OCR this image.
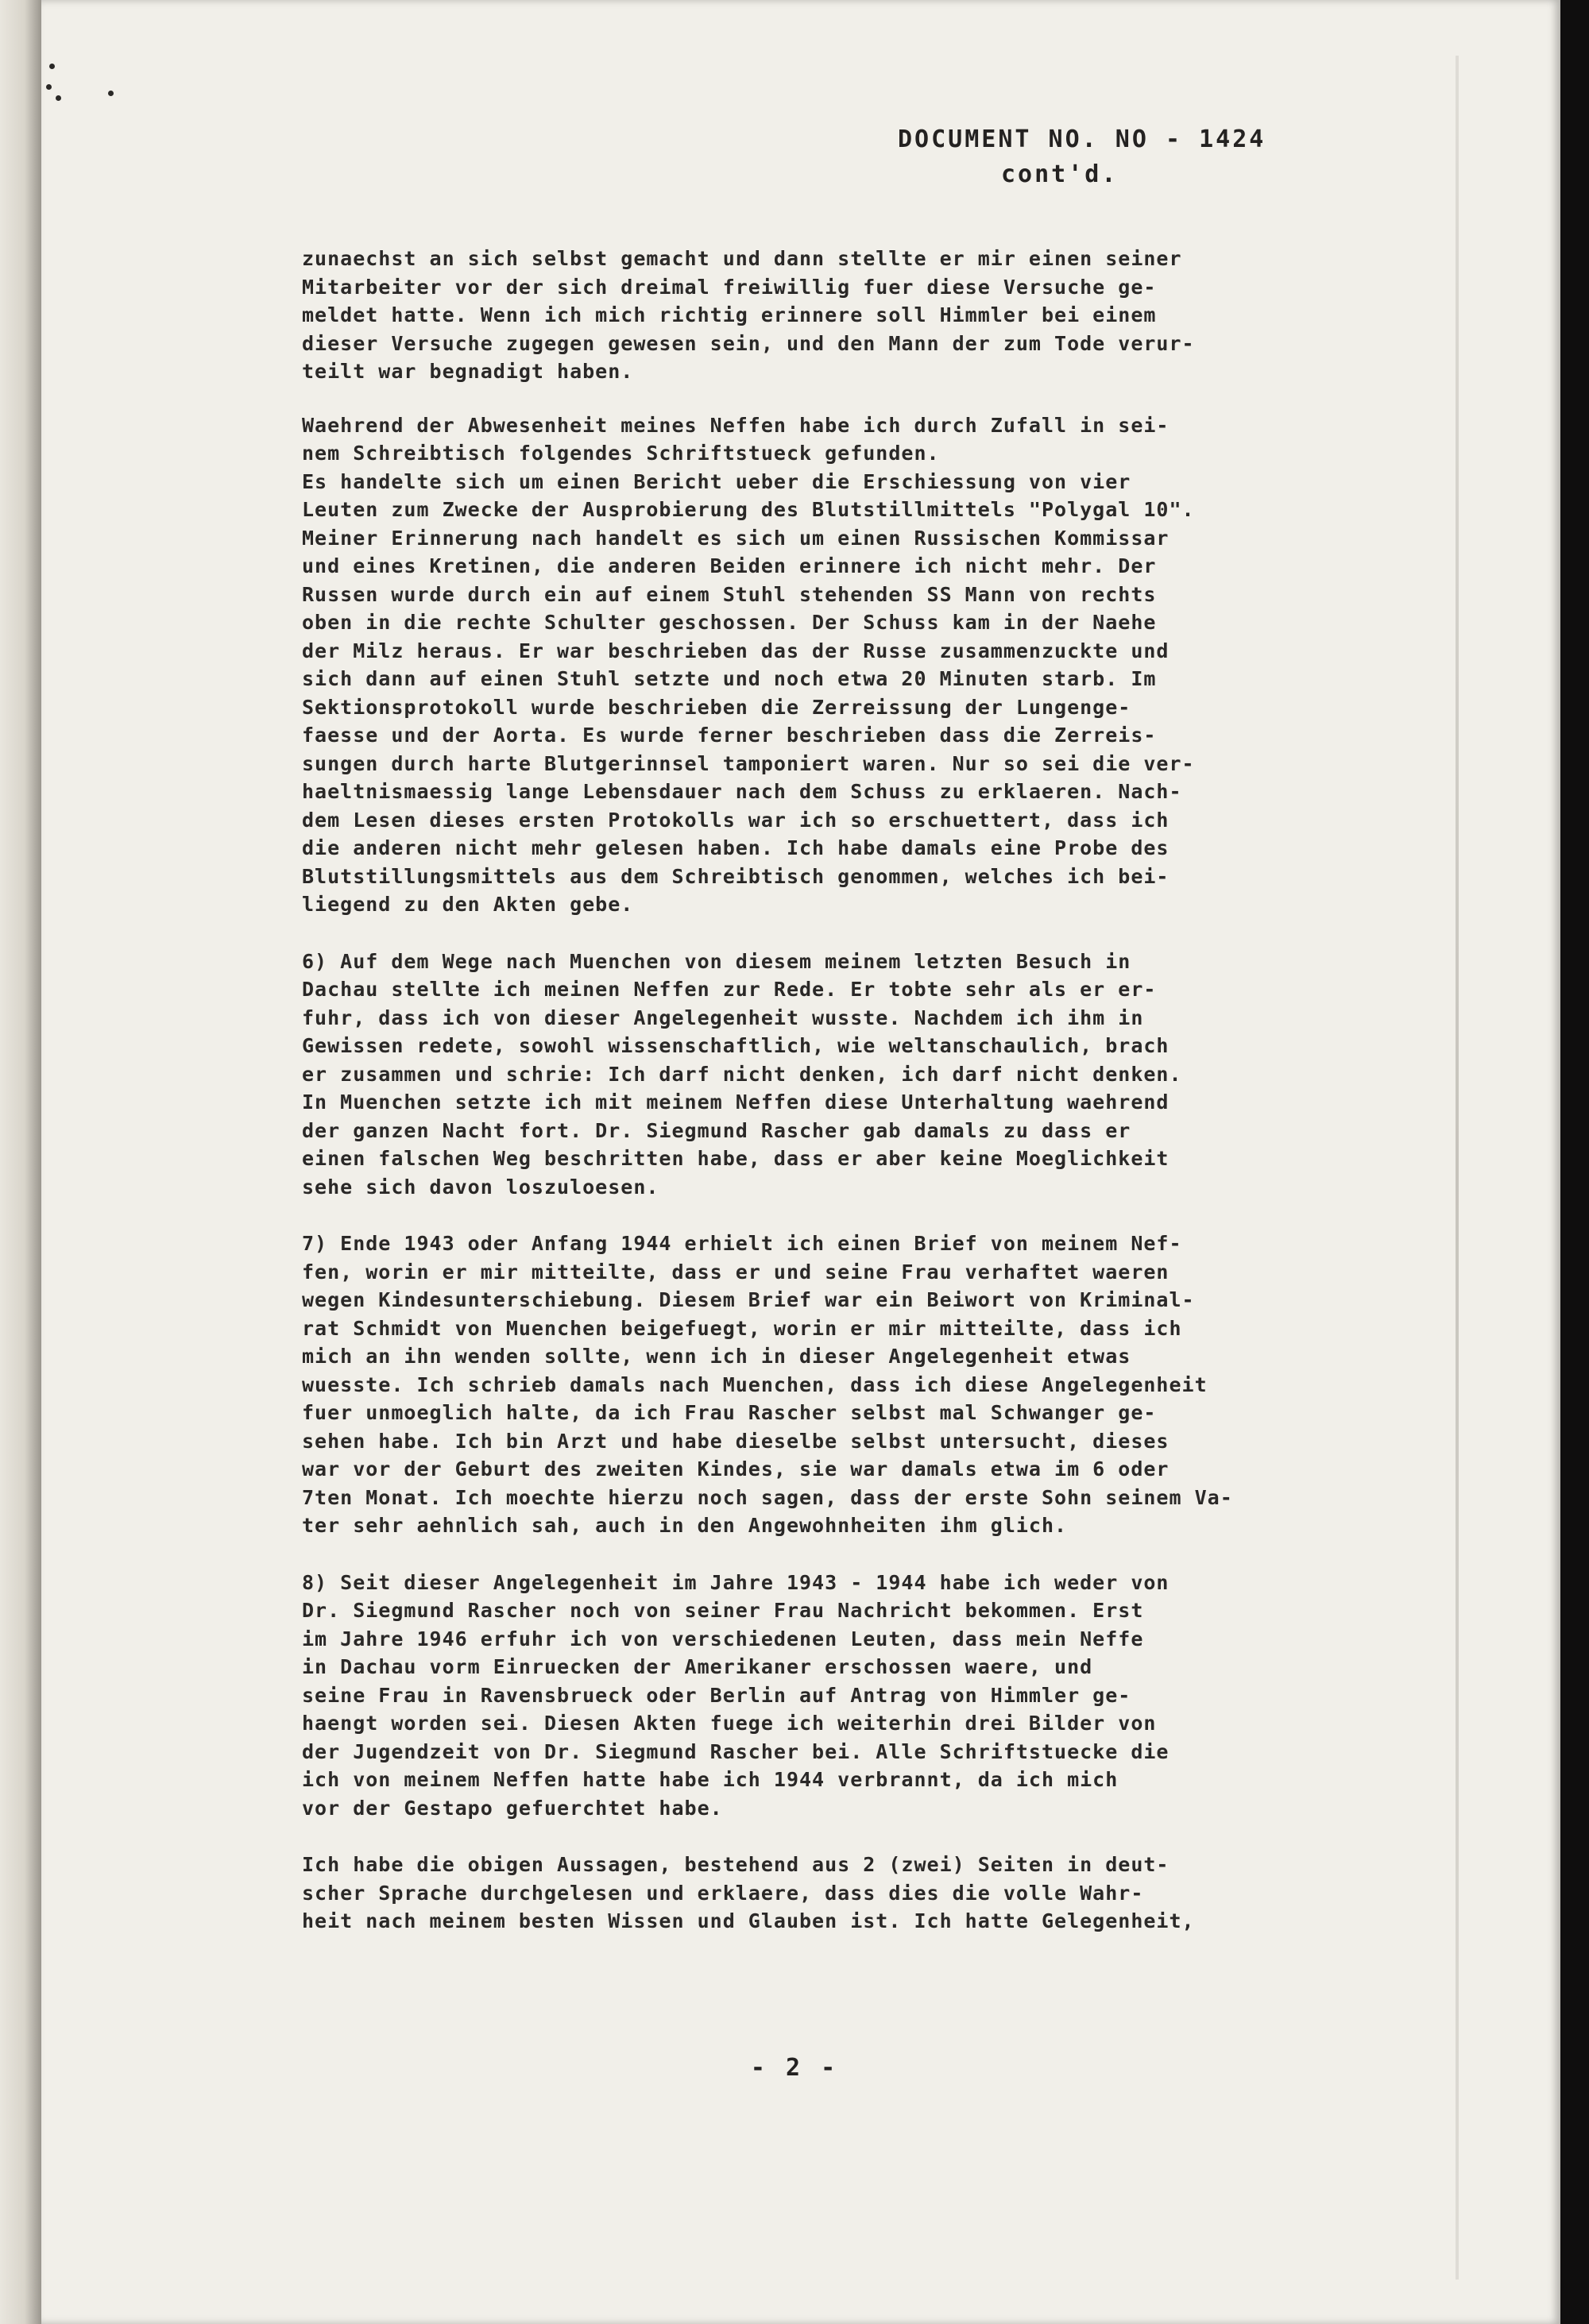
DOCUMENT NO. NO - 1424
cont'd.

zunaechst an sich selbst gemacht und dann stellte er mir einen seiner
Mitarbeiter vor der sich dreimal freiwillig fuer diese Versuche ge-
meldet hatte. Wenn ich mich richtig erinnere soll Himmler bei einem
dieser Versuche zugegen gewesen sein, und den Mann der zum Tode verur-
teilt war begnadigt haben.

Waehrend der Abwesenheit meines Neffen habe ich durch Zufall in sei-
nem Schreibtisch folgendes Schriftstueck gefunden.
Es handelte sich um einen Bericht ueber die Erschiessung von vier
Leuten zum Zwecke der Ausprobierung des Blutstillmittels "Polygal 10".
Meiner Erinnerung nach handelt es sich um einen Russischen Kommissar
und eines Kretinen, die anderen Beiden erinnere ich nicht mehr. Der
Russen wurde durch ein auf einem Stuhl stehenden SS Mann von rechts
oben in die rechte Schulter geschossen. Der Schuss kam in der Naehe
der Milz heraus. Er war beschrieben das der Russe zusammenzuckte und
sich dann auf einen Stuhl setzte und noch etwa 20 Minuten starb. Im
Sektionsprotokoll wurde beschrieben die Zerreissung der Lungenge-
faesse und der Aorta. Es wurde ferner beschrieben dass die Zerreis-
sungen durch harte Blutgerinnsel tamponiert waren. Nur so sei die ver-
haeltnismaessig lange Lebensdauer nach dem Schuss zu erklaeren. Nach-
dem Lesen dieses ersten Protokolls war ich so erschuettert, dass ich
die anderen nicht mehr gelesen haben. Ich habe damals eine Probe des
Blutstillungsmittels aus dem Schreibtisch genommen, welches ich bei-
liegend zu den Akten gebe.

6) Auf dem Wege nach Muenchen von diesem meinem letzten Besuch in
Dachau stellte ich meinen Neffen zur Rede. Er tobte sehr als er er-
fuhr, dass ich von dieser Angelegenheit wusste. Nachdem ich ihm in
Gewissen redete, sowohl wissenschaftlich, wie weltanschaulich, brach
er zusammen und schrie: Ich darf nicht denken, ich darf nicht denken.
In Muenchen setzte ich mit meinem Neffen diese Unterhaltung waehrend
der ganzen Nacht fort. Dr. Siegmund Rascher gab damals zu dass er
einen falschen Weg beschritten habe, dass er aber keine Moeglichkeit
sehe sich davon loszuloesen.

7) Ende 1943 oder Anfang 1944 erhielt ich einen Brief von meinem Nef-
fen, worin er mir mitteilte, dass er und seine Frau verhaftet waeren
wegen Kindesunterschiebung. Diesem Brief war ein Beiwort von Kriminal-
rat Schmidt von Muenchen beigefuegt, worin er mir mitteilte, dass ich
mich an ihn wenden sollte, wenn ich in dieser Angelegenheit etwas
wuesste. Ich schrieb damals nach Muenchen, dass ich diese Angelegenheit
fuer unmoeglich halte, da ich Frau Rascher selbst mal Schwanger ge-
sehen habe. Ich bin Arzt und habe dieselbe selbst untersucht, dieses
war vor der Geburt des zweiten Kindes, sie war damals etwa im 6 oder
7ten Monat. Ich moechte hierzu noch sagen, dass der erste Sohn seinem Va-
ter sehr aehnlich sah, auch in den Angewohnheiten ihm glich.

8) Seit dieser Angelegenheit im Jahre 1943 - 1944 habe ich weder von
Dr. Siegmund Rascher noch von seiner Frau Nachricht bekommen. Erst
im Jahre 1946 erfuhr ich von verschiedenen Leuten, dass mein Neffe
in Dachau vorm Einruecken der Amerikaner erschossen waere, und
seine Frau in Ravensbrueck oder Berlin auf Antrag von Himmler ge-
haengt worden sei. Diesen Akten fuege ich weiterhin drei Bilder von
der Jugendzeit von Dr. Siegmund Rascher bei. Alle Schriftstuecke die
ich von meinem Neffen hatte habe ich 1944 verbrannt, da ich mich
vor der Gestapo gefuerchtet habe.

Ich habe die obigen Aussagen, bestehend aus 2 (zwei) Seiten in deut-
scher Sprache durchgelesen und erklaere, dass dies die volle Wahr-
heit nach meinem besten Wissen und Glauben ist. Ich hatte Gelegenheit,

- 2 -
